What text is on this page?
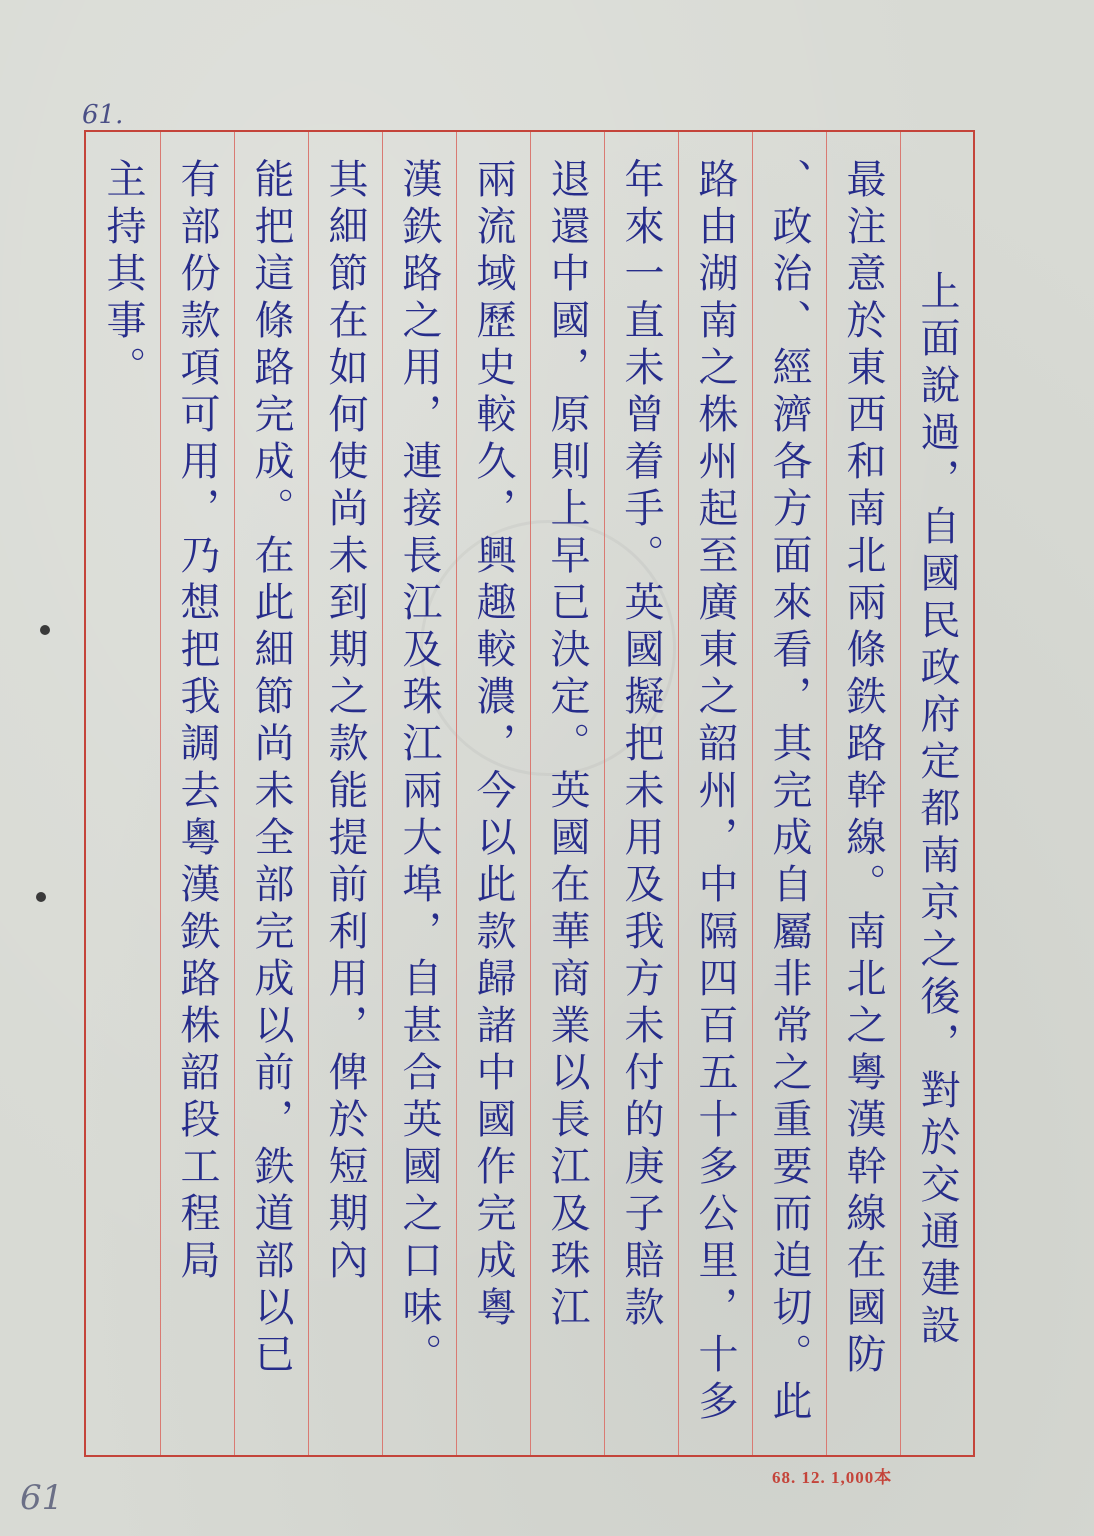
61.
上面說過，自國民政府定都南京之後，對於交通建設
最注意於東西和南北兩條鉄路幹線。南北之粵漢幹線在國防
、政治、經濟各方面來看，其完成自屬非常之重要而迫切。此
路由湖南之株州起至廣東之韶州，中隔四百五十多公里，十多
年來一直未曾着手。英國擬把未用及我方未付的庚子賠款
退還中國，原則上早已決定。英國在華商業以長江及珠江
兩流域歷史較久，興趣較濃，今以此款歸諸中國作完成粵
漢鉄路之用，連接長江及珠江兩大埠，自甚合英國之口味。
其細節在如何使尚未到期之款能提前利用，俾於短期內
能把這條路完成。在此細節尚未全部完成以前，鉄道部以已
有部份款項可用，乃想把我調去粵漢鉄路株韶段工程局
主持其事。
68. 12. 1,000本
61
